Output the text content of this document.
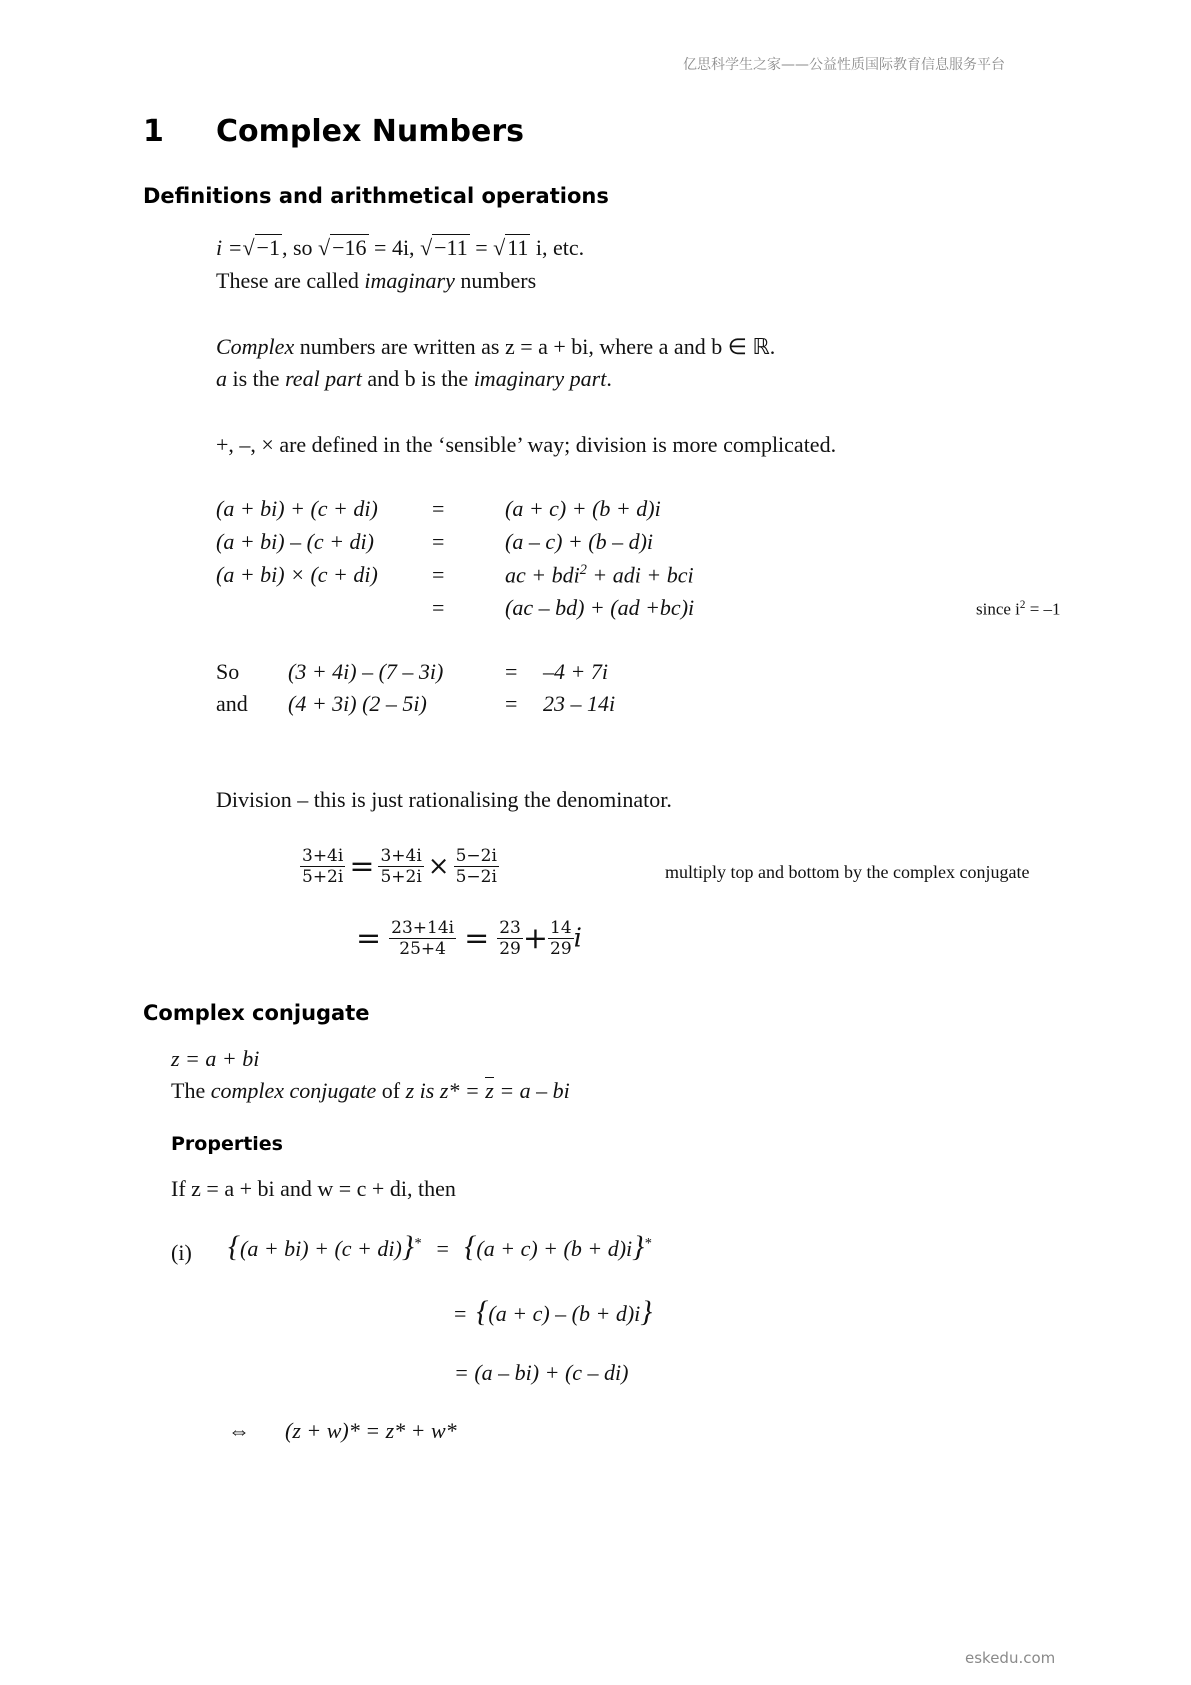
亿思科学生之家——公益性质国际教育信息服务平台
eskedu.com
1 Complex Numbers
Definitions and arithmetical operations
i =√−1, so √−16 = 4i, √−11 = √11 i, etc.
These are called imaginary numbers
Complex numbers are written as z = a + bi, where a and b ∈ ℝ.
a is the real part and b is the imaginary part.
+, –, × are defined in the ‘sensible’ way; division is more complicated.
(a + bi) + (c + di) =	(a + c) + (b + d)i
(a + bi) – (c + di)	=	(a – c) + (b – d)i
(a + bi) × (c + di) =	ac + bdi$^2$ + adi + bci
=	(ac – bd) + (ad +bc)i	since $i^2 = -1$
So (3 + 4i) – (7 – 3i)	= –4 + 7i
and (4 + 3i) (2 – 5i)	= 23 – 14i
Division – this is just rationalising the denominator.
$\frac{3+4i}{5+2i} = \frac{3+4i}{5+2i} \times \frac{5-2i}{5-2i}$	multiply top and bottom by the complex conjugate
= $\frac{23+14i}{25+4} = \frac{23}{29} + \frac{14}{29}$ i
Complex conjugate
z = a + bi
The complex conjugate of z is z* = z = a – bi
Properties
If z = a + bi and w = c + di, then
(i) {(a + bi) + (c + di)}* = {(a + c) + (b + d)i}*
= {(a + c) – (b + d)i}
= (a – bi) + (c – di)
⇔ (z + w)* = z* + w*
